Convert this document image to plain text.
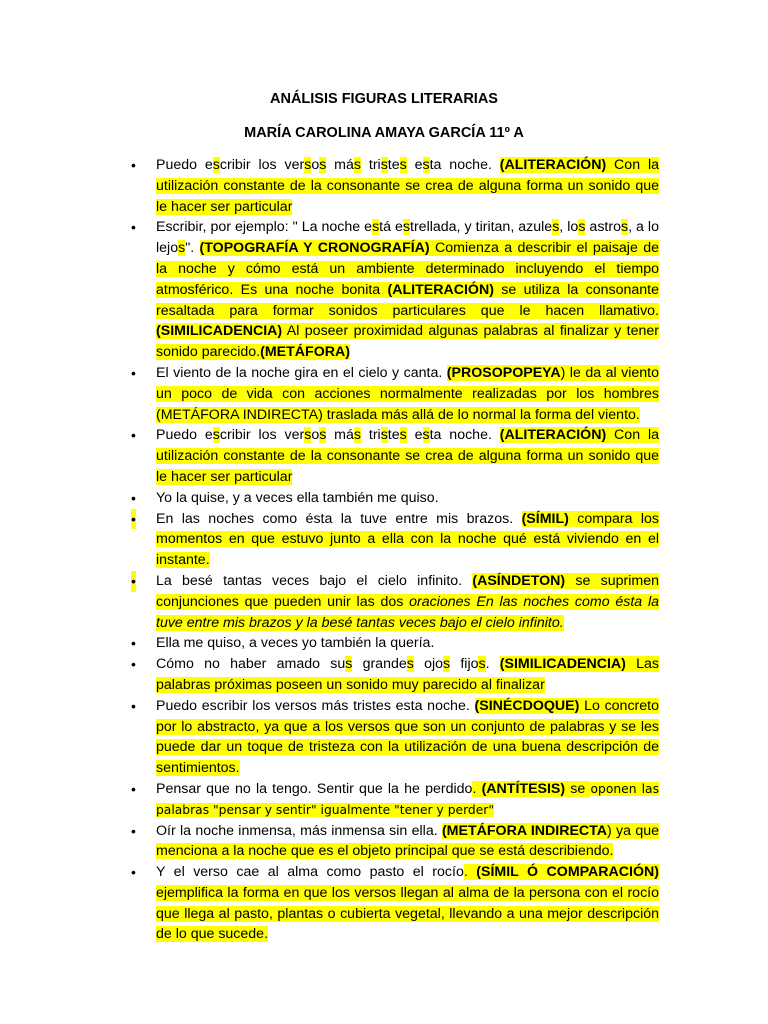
ANÁLISIS FIGURAS LITERARIAS
MARÍA CAROLINA AMAYA GARCÍA 11º A
• Puedo escribir los versos más tristes esta noche. (ALITERACIÓN) Con la utilización constante de la consonante se crea de alguna forma un sonido que le hacer ser particular
• Escribir, por ejemplo: " La noche está estrellada, y tiritan, azules, los astros, a lo lejos". (TOPOGRAFÍA Y CRONOGRAFÍA) Comienza a describir el paisaje de la noche y cómo está un ambiente determinado incluyendo el tiempo atmosférico. Es una noche bonita (ALITERACIÓN) se utiliza la consonante resaltada para formar sonidos particulares que le hacen llamativo. (SIMILICADENCIA) Al poseer proximidad algunas palabras al finalizar y tener sonido parecido.(METÁFORA)
• El viento de la noche gira en el cielo y canta. (PROSOPOPEYA) le da al viento un poco de vida con acciones normalmente realizadas por los hombres (METÁFORA INDIRECTA) traslada más allá de lo normal la forma del viento.
• Puedo escribir los versos más tristes esta noche. (ALITERACIÓN) Con la utilización constante de la consonante se crea de alguna forma un sonido que le hacer ser particular
• Yo la quise, y a veces ella también me quiso.
• En las noches como ésta la tuve entre mis brazos. (SÍMIL) compara los momentos en que estuvo junto a ella con la noche qué está viviendo en el instante.
• La besé tantas veces bajo el cielo infinito. (ASÍNDETON) se suprimen conjunciones que pueden unir las dos oraciones En las noches como ésta la tuve entre mis brazos y la besé tantas veces bajo el cielo infinito.
• Ella me quiso, a veces yo también la quería.
• Cómo no haber amado sus grandes ojos fijos. (SIMILICADENCIA) Las palabras próximas poseen un sonido muy parecido al finalizar
• Puedo escribir los versos más tristes esta noche. (SINÉCDOQUE) Lo concreto por lo abstracto, ya que a los versos que son un conjunto de palabras y se les puede dar un toque de tristeza con la utilización de una buena descripción de sentimientos.
• Pensar que no la tengo. Sentir que la he perdido. (ANTÍTESIS) se oponen las palabras "pensar y sentir" igualmente "tener y perder"
• Oír la noche inmensa, más inmensa sin ella. (METÁFORA INDIRECTA) ya que menciona a la noche que es el objeto principal que se está describiendo.
• Y el verso cae al alma como pasto el rocío. (SÍMIL Ó COMPARACIÓN) ejemplifica la forma en que los versos llegan al alma de la persona con el rocío que llega al pasto, plantas o cubierta vegetal, llevando a una mejor descripción de lo que sucede.
